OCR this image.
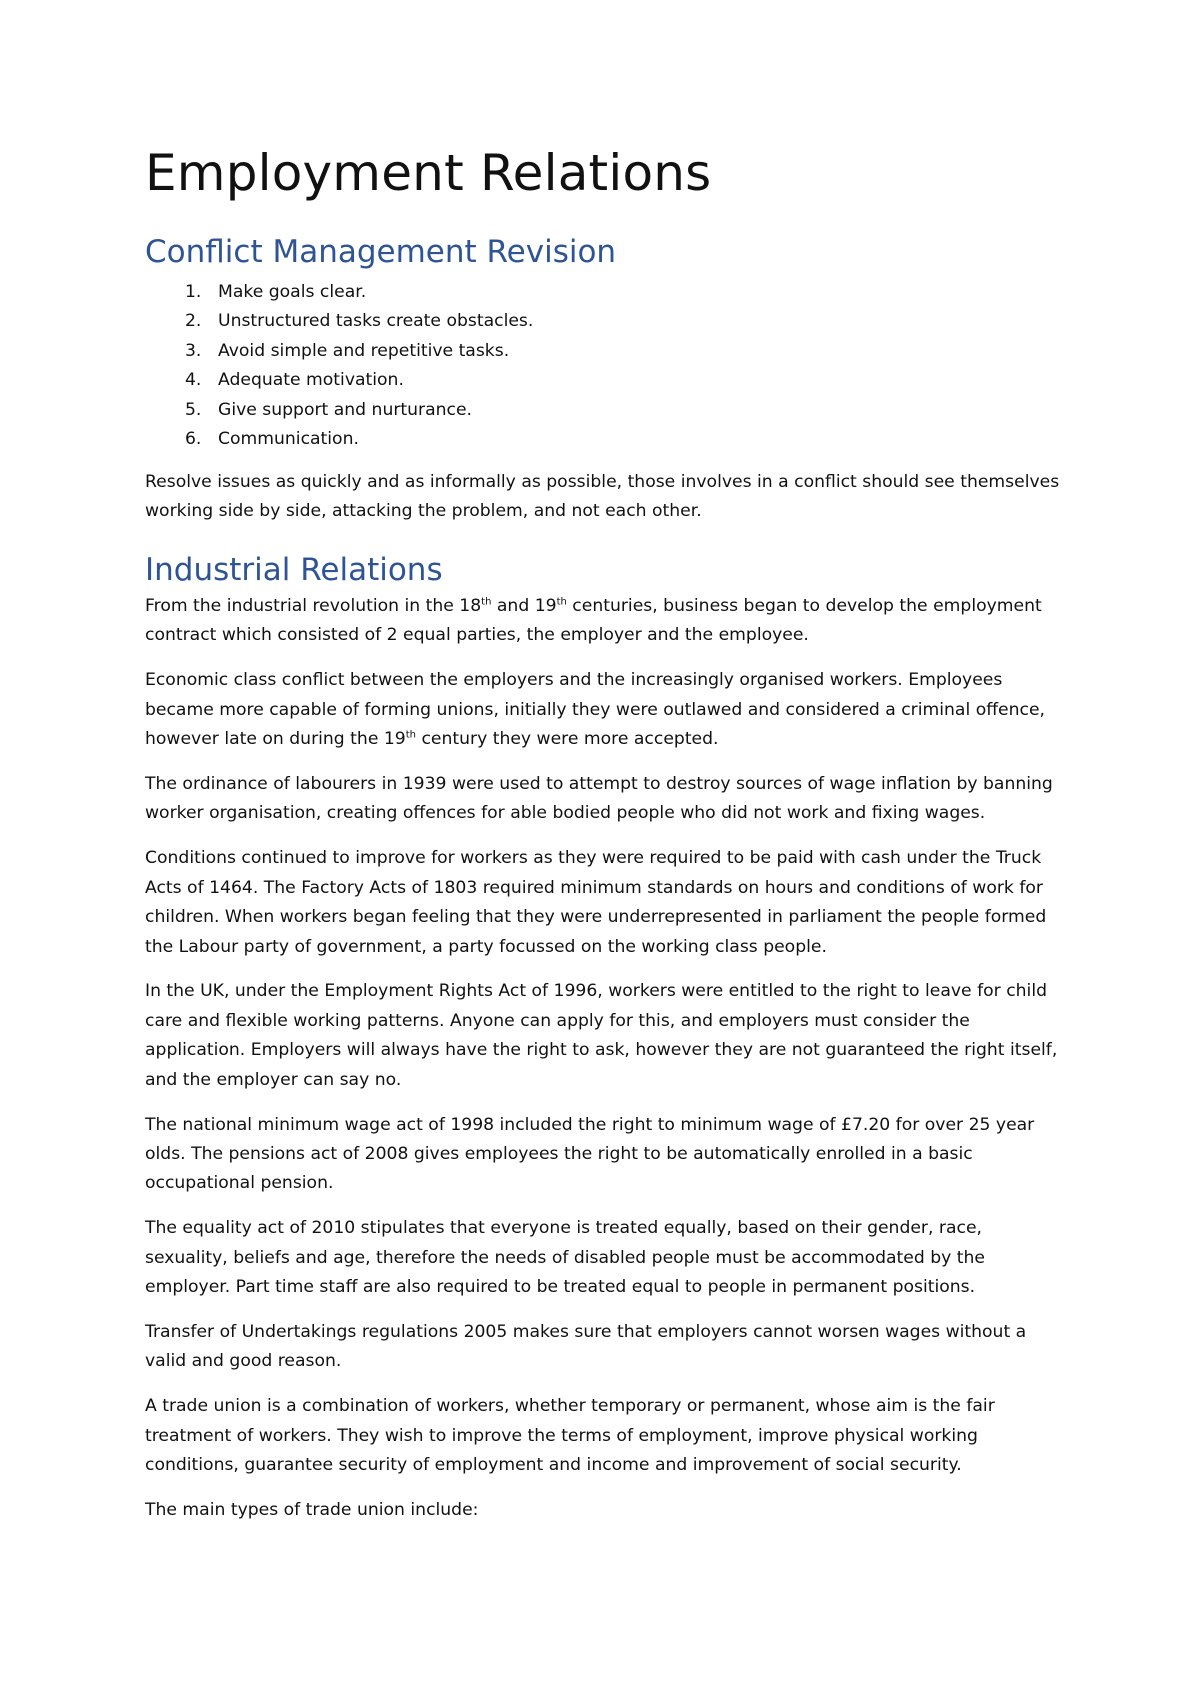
Employment Relations
Conflict Management Revision
1. Make goals clear.
2. Unstructured tasks create obstacles.
3. Avoid simple and repetitive tasks.
4. Adequate motivation.
5. Give support and nurturance.
6. Communication.

Resolve issues as quickly and as informally as possible, those involves in a conflict should see themselves working side by side, attacking the problem, and not each other.

Industrial Relations

From the industrial revolution in the 18th and 19th centuries, business began to develop the employment contract which consisted of 2 equal parties, the employer and the employee.

Economic class conflict between the employers and the increasingly organised workers. Employees became more capable of forming unions, initially they were outlawed and considered a criminal offence, however late on during the 19th century they were more accepted.

The ordinance of labourers in 1939 were used to attempt to destroy sources of wage inflation by banning worker organisation, creating offences for able bodied people who did not work and fixing wages.

Conditions continued to improve for workers as they were required to be paid with cash under the Truck Acts of 1464. The Factory Acts of 1803 required minimum standards on hours and conditions of work for children. When workers began feeling that they were underrepresented in parliament the people formed the Labour party of government, a party focussed on the working class people.

In the UK, under the Employment Rights Act of 1996, workers were entitled to the right to leave for child care and flexible working patterns. Anyone can apply for this, and employers must consider the application. Employers will always have the right to ask, however they are not guaranteed the right itself, and the employer can say no.

The national minimum wage act of 1998 included the right to minimum wage of £7.20 for over 25 year olds. The pensions act of 2008 gives employees the right to be automatically enrolled in a basic occupational pension.

The equality act of 2010 stipulates that everyone is treated equally, based on their gender, race, sexuality, beliefs and age, therefore the needs of disabled people must be accommodated by the employer. Part time staff are also required to be treated equal to people in permanent positions.

Transfer of Undertakings regulations 2005 makes sure that employers cannot worsen wages without a valid and good reason.

A trade union is a combination of workers, whether temporary or permanent, whose aim is the fair treatment of workers. They wish to improve the terms of employment, improve physical working conditions, guarantee security of employment and income and improvement of social security.

The main types of trade union include:
